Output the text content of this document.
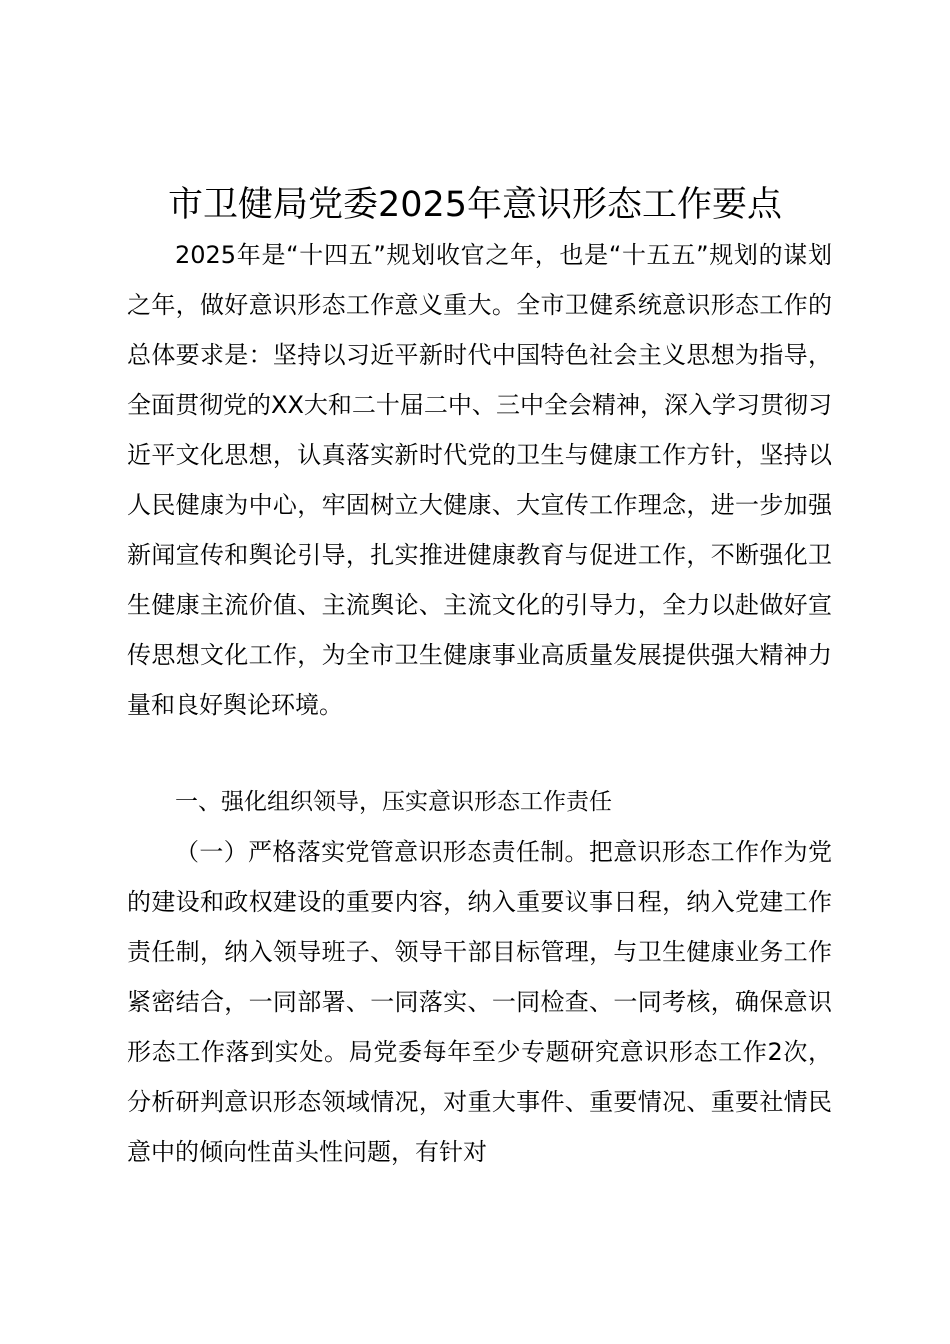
市卫健局党委2025年意识形态工作要点

2025年是“十四五”规划收官之年，也是“十五五”规划的谋划之年，做好意识形态工作意义重大。全市卫健系统意识形态工作的总体要求是：坚持以习近平新时代中国特色社会主义思想为指导，全面贯彻党的XX大和二十届二中、三中全会精神，深入学习贯彻习近平文化思想，认真落实新时代党的卫生与健康工作方针，坚持以人民健康为中心，牢固树立大健康、大宣传工作理念，进一步加强新闻宣传和舆论引导，扎实推进健康教育与促进工作，不断强化卫生健康主流价值、主流舆论、主流文化的引导力，全力以赴做好宣传思想文化工作，为全市卫生健康事业高质量发展提供强大精神力量和良好舆论环境。

一、强化组织领导，压实意识形态工作责任

（一）严格落实党管意识形态责任制。把意识形态工作作为党的建设和政权建设的重要内容，纳入重要议事日程，纳入党建工作责任制，纳入领导班子、领导干部目标管理，与卫生健康业务工作紧密结合，一同部署、一同落实、一同检查、一同考核，确保意识形态工作落到实处。局党委每年至少专题研究意识形态工作2次，分析研判意识形态领域情况，对重大事件、重要情况、重要社情民意中的倾向性苗头性问题，有针对
